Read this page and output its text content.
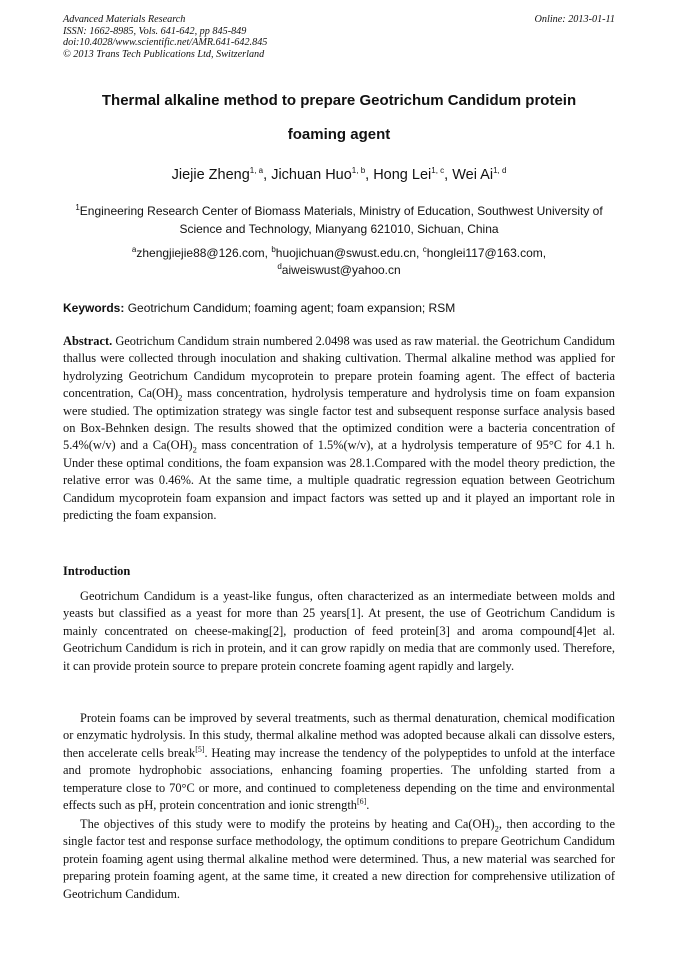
Advanced Materials Research
ISSN: 1662-8985, Vols. 641-642, pp 845-849
doi:10.4028/www.scientific.net/AMR.641-642.845
© 2013 Trans Tech Publications Ltd, Switzerland
Online: 2013-01-11
Thermal alkaline method to prepare Geotrichum Candidum protein
foaming agent
Jiejie Zheng$^{1, a}$, Jichuan Huo$^{1, b}$, Hong Lei$^{1, c}$, Wei Ai$^{1, d}$
$^1$Engineering Research Center of Biomass Materials, Ministry of Education, Southwest University of Science and Technology, Mianyang 621010, Sichuan, China
$^a$zhengjiejie88@126.com, $^b$huojichuan@swust.edu.cn, $^c$honglei117@163.com,
$^d$aiweiswust@yahoo.cn
Keywords: Geotrichum Candidum; foaming agent; foam expansion; RSM
Abstract. Geotrichum Candidum strain numbered 2.0498 was used as raw material. the Geotrichum Candidum thallus were collected through inoculation and shaking cultivation. Thermal alkaline method was applied for hydrolyzing Geotrichum Candidum mycoprotein to prepare protein foaming agent. The effect of bacteria concentration, $Ca(OH)_2$ mass concentration, hydrolysis temperature and hydrolysis time on foam expansion were studied. The optimization strategy was single factor test and subsequent response surface analysis based on Box-Behnken design. The results showed that the optimized condition were a bacteria concentration of 5.4%(w/v) and a $Ca(OH)_2$ mass concentration of 1.5%(w/v), at a hydrolysis temperature of 95°C for 4.1 h. Under these optimal conditions, the foam expansion was 28.1.Compared with the model theory prediction, the relative error was 0.46%. At the same time, a multiple quadratic regression equation between Geotrichum Candidum mycoprotein foam expansion and impact factors was setted up and it played an important role in predicting the foam expansion.
Introduction
Geotrichum Candidum is a yeast-like fungus, often characterized as an intermediate between molds and yeasts but classified as a yeast for more than 25 years[1]. At present, the use of Geotrichum Candidum is mainly concentrated on cheese-making[2], production of feed protein[3] and aroma compound[4]et al. Geotrichum Candidum is rich in protein, and it can grow rapidly on media that are commonly used. Therefore, it can provide protein source to prepare protein concrete foaming agent rapidly and largely.
Protein foams can be improved by several treatments, such as thermal denaturation, chemical modification or enzymatic hydrolysis. In this study, thermal alkaline method was adopted because alkali can dissolve esters, then accelerate cells break[5]. Heating may increase the tendency of the polypeptides to unfold at the interface and promote hydrophobic associations, enhancing foaming properties. The unfolding started from a temperature close to 70°C or more, and continued to completeness depending on the time and environmental effects such as pH, protein concentration and ionic strength[6].
The objectives of this study were to modify the proteins by heating and $Ca(OH)_2$, then according to the single factor test and response surface methodology, the optimum conditions to prepare Geotrichum Candidum protein foaming agent using thermal alkaline method were determined. Thus, a new material was searched for preparing protein foaming agent, at the same time, it created a new direction for comprehensive utilization of Geotrichum Candidum.
